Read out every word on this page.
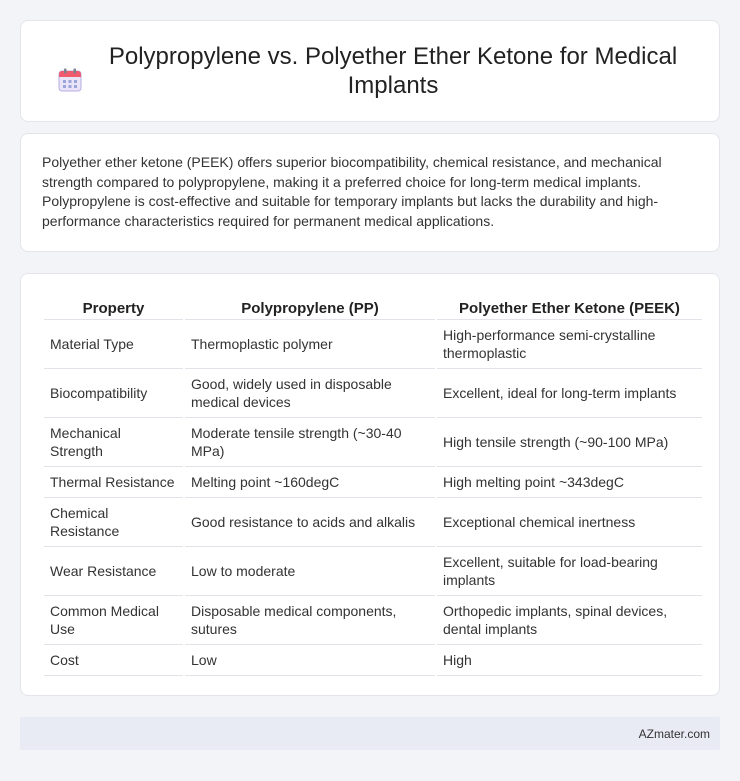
Polypropylene vs. Polyether Ether Ketone for Medical Implants

Polyether ether ketone (PEEK) offers superior biocompatibility, chemical resistance, and mechanical strength compared to polypropylene, making it a preferred choice for long-term medical implants. Polypropylene is cost-effective and suitable for temporary implants but lacks the durability and high-performance characteristics required for permanent medical applications.

Property	Polypropylene (PP)	Polyether Ether Ketone (PEEK)
Material Type	Thermoplastic polymer	High-performance semi-crystalline thermoplastic
Biocompatibility	Good, widely used in disposable medical devices	Excellent, ideal for long-term implants
Mechanical Strength	Moderate tensile strength (~30-40 MPa)	High tensile strength (~90-100 MPa)
Thermal Resistance	Melting point ~160degC	High melting point ~343degC
Chemical Resistance	Good resistance to acids and alkalis	Exceptional chemical inertness
Wear Resistance	Low to moderate	Excellent, suitable for load-bearing implants
Common Medical Use	Disposable medical components, sutures	Orthopedic implants, spinal devices, dental implants
Cost	Low	High
AZmater.com
